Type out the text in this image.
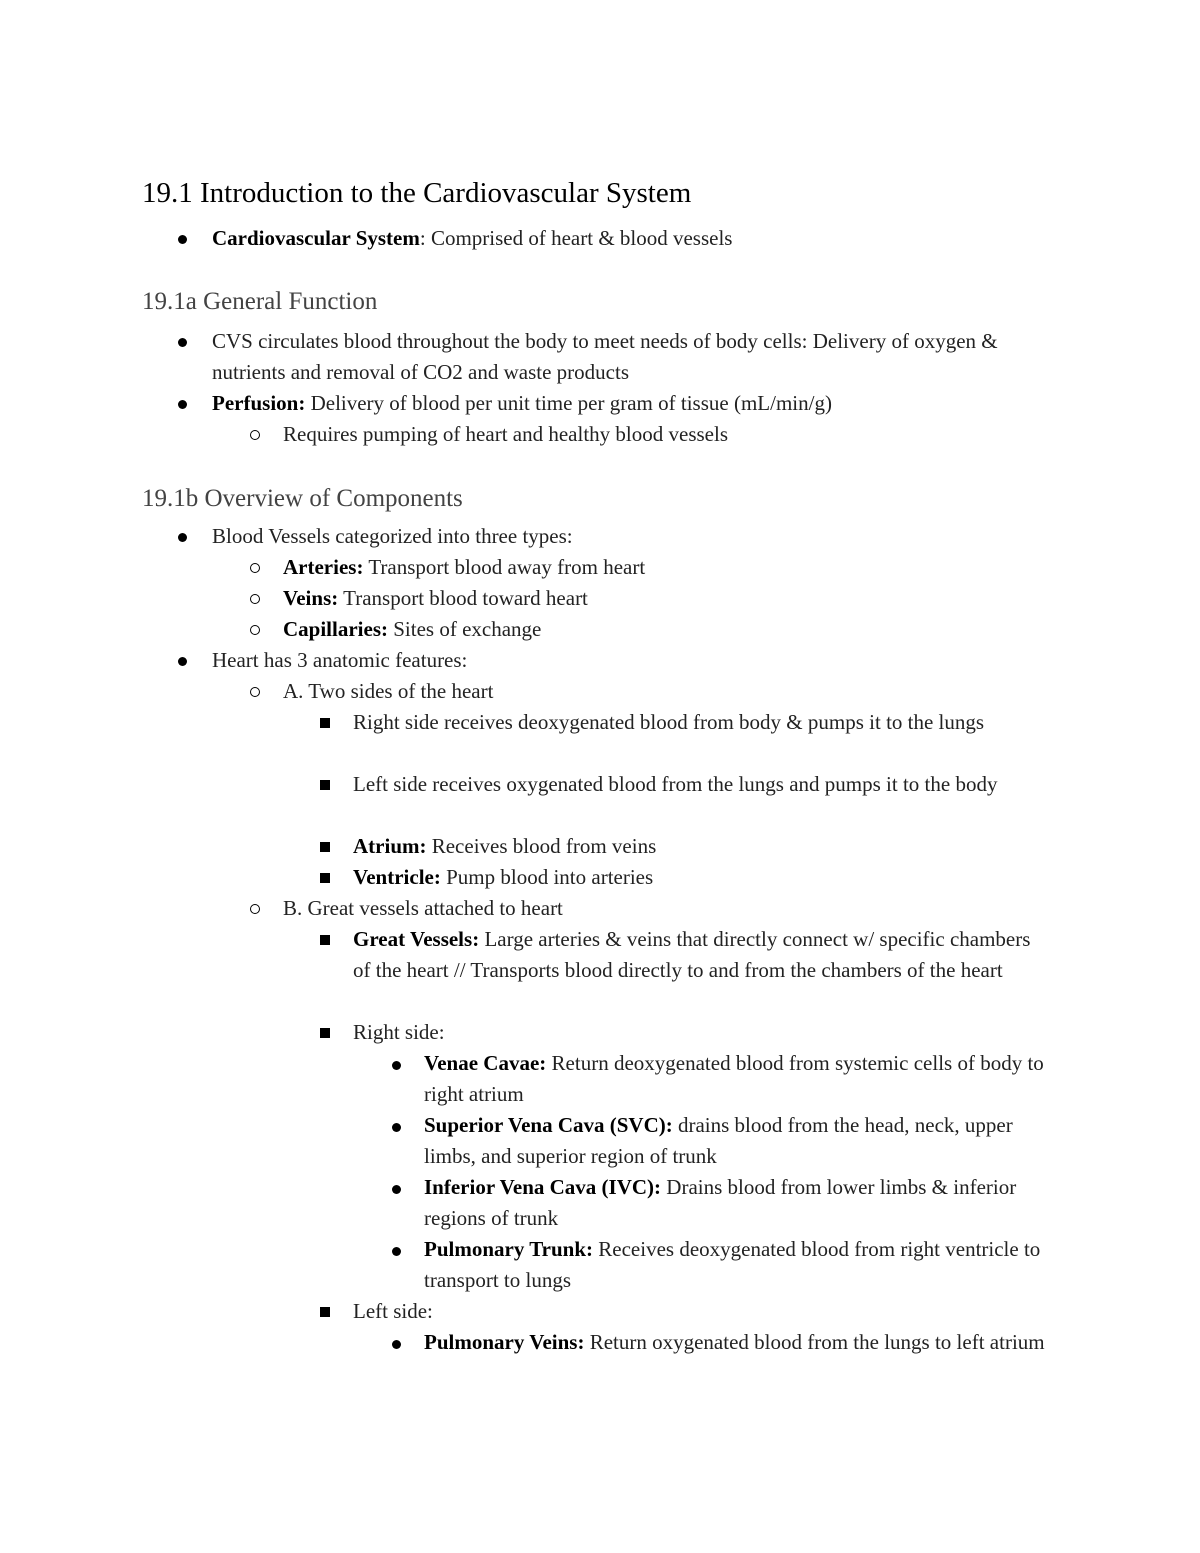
19.1 Introduction to the Cardiovascular System
Cardiovascular System: Comprised of heart & blood vessels
19.1a General Function
CVS circulates blood throughout the body to meet needs of body cells: Delivery of oxygen & nutrients and removal of CO2 and waste products
Perfusion: Delivery of blood per unit time per gram of tissue (mL/min/g)
Requires pumping of heart and healthy blood vessels
19.1b Overview of Components
Blood Vessels categorized into three types:
Arteries: Transport blood away from heart
Veins: Transport blood toward heart
Capillaries: Sites of exchange
Heart has 3 anatomic features:
A. Two sides of the heart
Right side receives deoxygenated blood from body & pumps it to the lungs
Left side receives oxygenated blood from the lungs and pumps it to the body
Atrium: Receives blood from veins
Ventricle: Pump blood into arteries
B. Great vessels attached to heart
Great Vessels: Large arteries & veins that directly connect w/ specific chambers of the heart // Transports blood directly to and from the chambers of the heart
Right side:
Venae Cavae: Return deoxygenated blood from systemic cells of body to right atrium
Superior Vena Cava (SVC): drains blood from the head, neck, upper limbs, and superior region of trunk
Inferior Vena Cava (IVC): Drains blood from lower limbs & inferior regions of trunk
Pulmonary Trunk: Receives deoxygenated blood from right ventricle to transport to lungs
Left side:
Pulmonary Veins: Return oxygenated blood from the lungs to left atrium
